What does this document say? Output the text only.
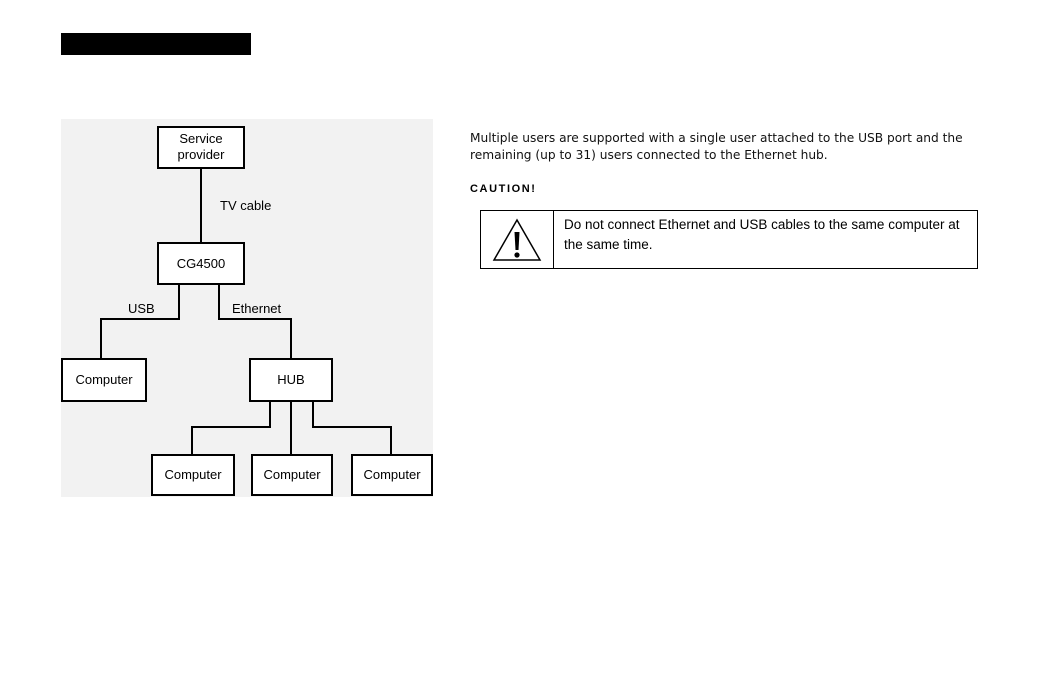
Service
provider
CG4500
Computer	HUB
Computer	Computer	Computer
TV cable
USB	Ethernet

Multiple users are supported with a single user attached to the USB port and the remaining (up to 31) users connected to the Ethernet hub.

CAUTION!
Do not connect Ethernet and USB cables to the same computer at the same time.
